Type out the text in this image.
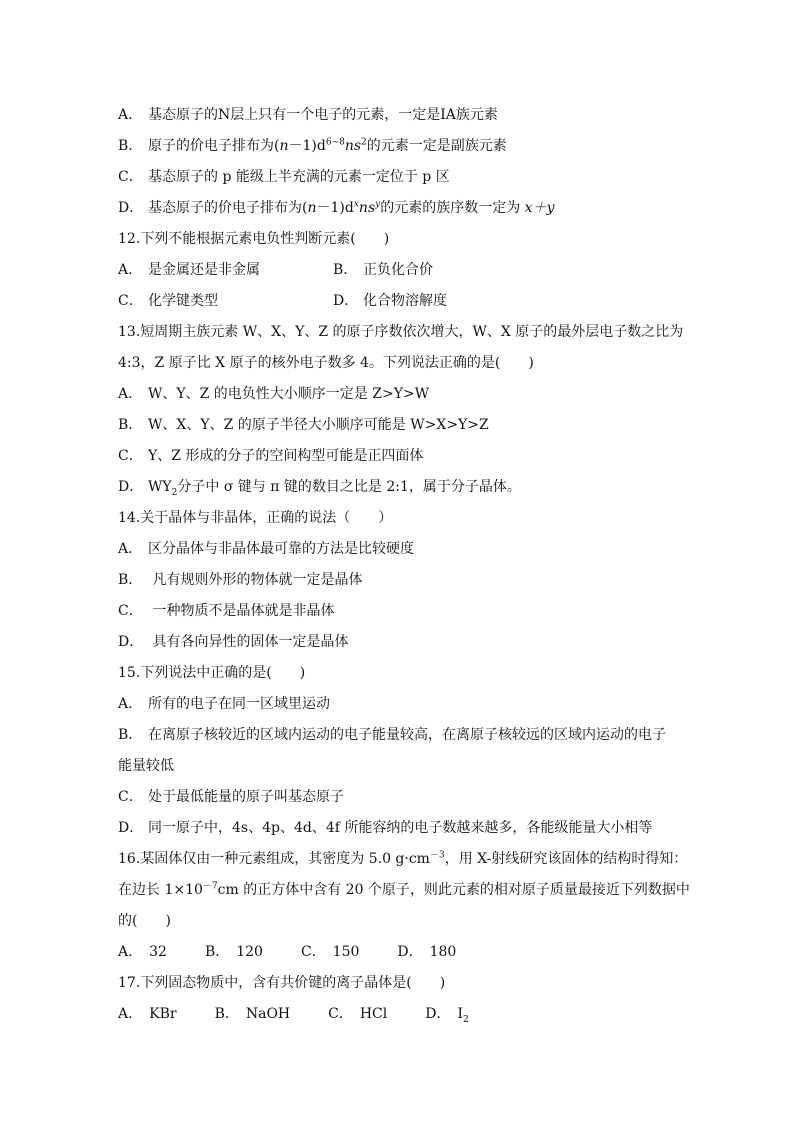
A． 基态原子的N层上只有一个电子的元素，一定是ⅠA族元素
B． 原子的价电子排布为$(n-1)d^{6\sim 8}ns^2$的元素一定是副族元素
C． 基态原子的 p 能级上半充满的元素一定位于 p 区
D． 基态原子的价电子排布为$(n-1)d^xns^y$的元素的族序数一定为 x＋y
12.下列不能根据元素电负性判断元素(　　)
A． 是金属还是非金属	B． 正负化合价
C． 化学键类型	D． 化合物溶解度
13.短周期主族元素 W、X、Y、Z 的原子序数依次增大，W、X 原子的最外层电子数之比为
4:3，Z 原子比 X 原子的核外电子数多 4。下列说法正确的是(　　)
A． W、Y、Z 的电负性大小顺序一定是 Z>Y>W
B． W、X、Y、Z 的原子半径大小顺序可能是 W>X>Y>Z
C． Y、Z 形成的分子的空间构型可能是正四面体
D． $WY_2$分子中 σ 键与 π 键的数目之比是 2:1，属于分子晶体。
14.关于晶体与非晶体，正确的说法（　　）
A． 区分晶体与非晶体最可靠的方法是比较硬度
B． 凡有规则外形的物体就一定是晶体
C． 一种物质不是晶体就是非晶体
D． 具有各向异性的固体一定是晶体
15.下列说法中正确的是(　　)
A． 所有的电子在同一区域里运动
B． 在离原子核较近的区域内运动的电子能量较高，在离原子核较远的区域内运动的电子
能量较低
C． 处于最低能量的原子叫基态原子
D． 同一原子中，4s、4p、4d、4f 所能容纳的电子数越来越多，各能级能量大小相等
16.某固体仅由一种元素组成，其密度为 5.0 $g\cdot cm^{-3}$，用 X-射线研究该固体的结构时得知：
在边长 $1\times 10^{-7}cm$ 的正方体中含有 20 个原子，则此元素的相对原子质量最接近下列数据中
的(　　)
A．　32	B．　120	C．　150	D．　180
17.下列固态物质中，含有共价键的离子晶体是(　　)
A．　KBr	B．　NaOH	C．　HCl	D．　$I_2$
